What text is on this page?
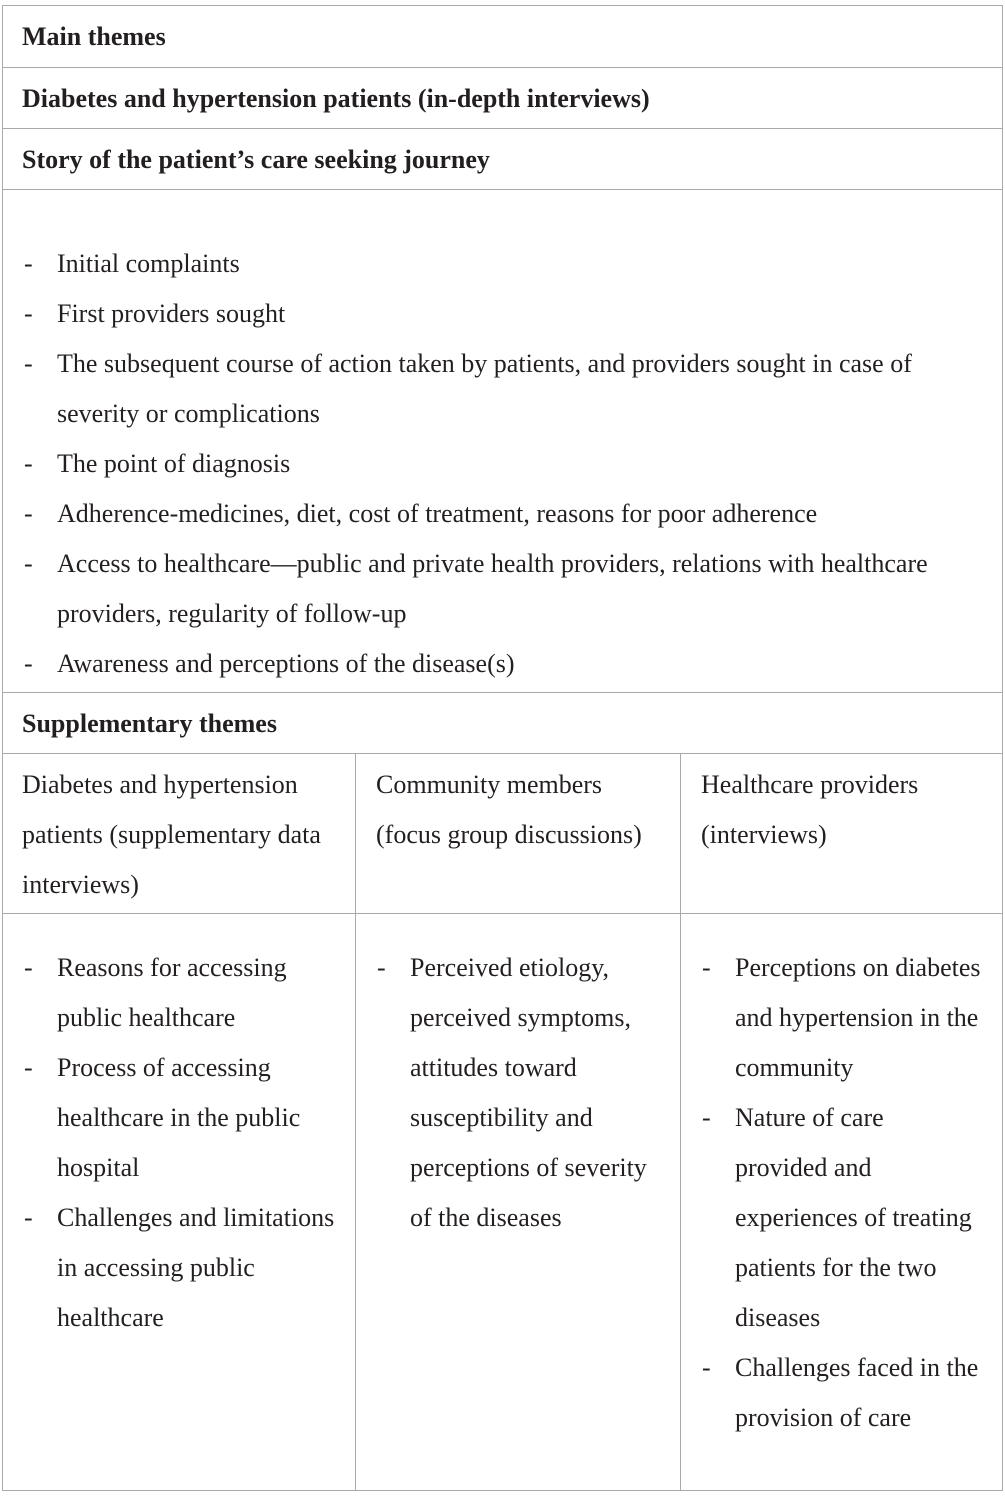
Main themes
Diabetes and hypertension patients (in-depth interviews)
Story of the patient’s care seeking journey
- Initial complaints
- First providers sought
- The subsequent course of action taken by patients, and providers sought in case of severity or complications
- The point of diagnosis
- Adherence-medicines, diet, cost of treatment, reasons for poor adherence
- Access to healthcare—public and private health providers, relations with healthcare providers, regularity of follow-up
- Awareness and perceptions of the disease(s)
Supplementary themes
Diabetes and hypertension patients (supplementary data interviews)
Community members (focus group discussions)
Healthcare providers (interviews)
- Reasons for accessing public healthcare
- Process of accessing healthcare in the public hospital
- Challenges and limitations in accessing public healthcare
- Perceived etiology, perceived symptoms, attitudes toward susceptibility and perceptions of severity of the diseases
- Perceptions on diabetes and hypertension in the community
- Nature of care provided and experiences of treating patients for the two diseases
- Challenges faced in the provision of care
